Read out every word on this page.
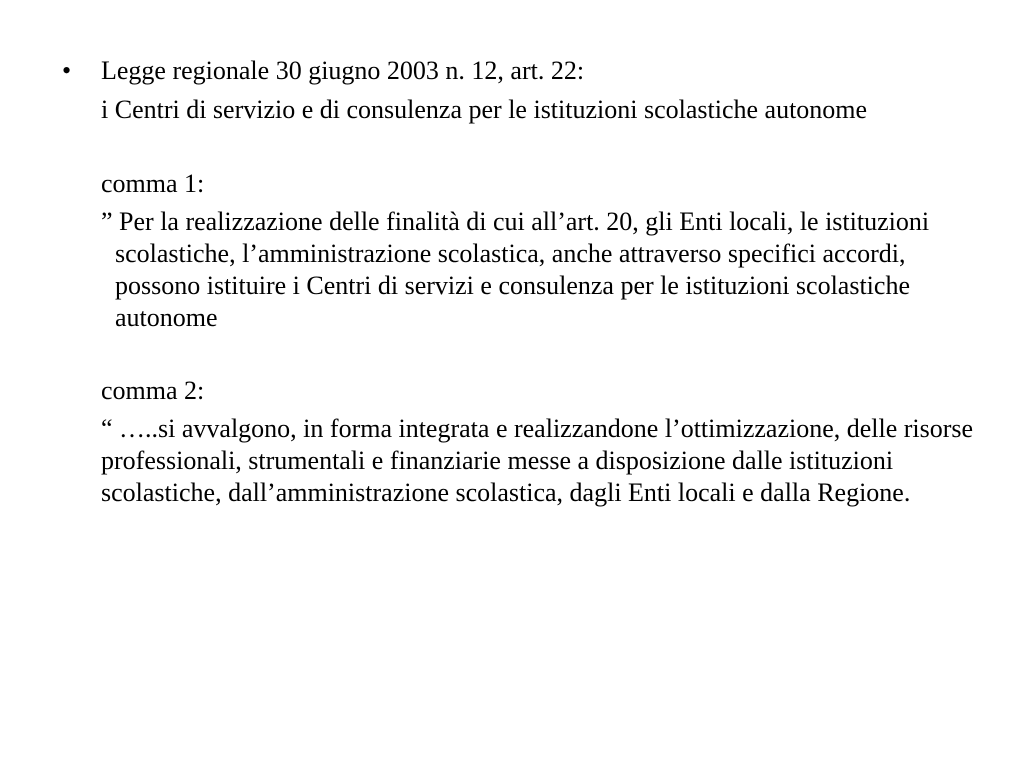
• Legge regionale 30 giugno 2003 n. 12, art. 22:

i Centri di servizio e di consulenza per le istituzioni scolastiche autonome

comma 1:

” Per la realizzazione delle finalità di cui all’art. 20, gli Enti locali, le istituzioni scolastiche, l’amministrazione scolastica, anche attraverso specifici accordi, possono istituire i Centri di servizi e consulenza per le istituzioni scolastiche autonome

comma 2:

“ …..si avvalgono, in forma integrata e realizzandone l’ottimizzazione, delle risorse professionali, strumentali e finanziarie messe a disposizione dalle istituzioni scolastiche, dall’amministrazione scolastica, dagli Enti locali e dalla Regione.
